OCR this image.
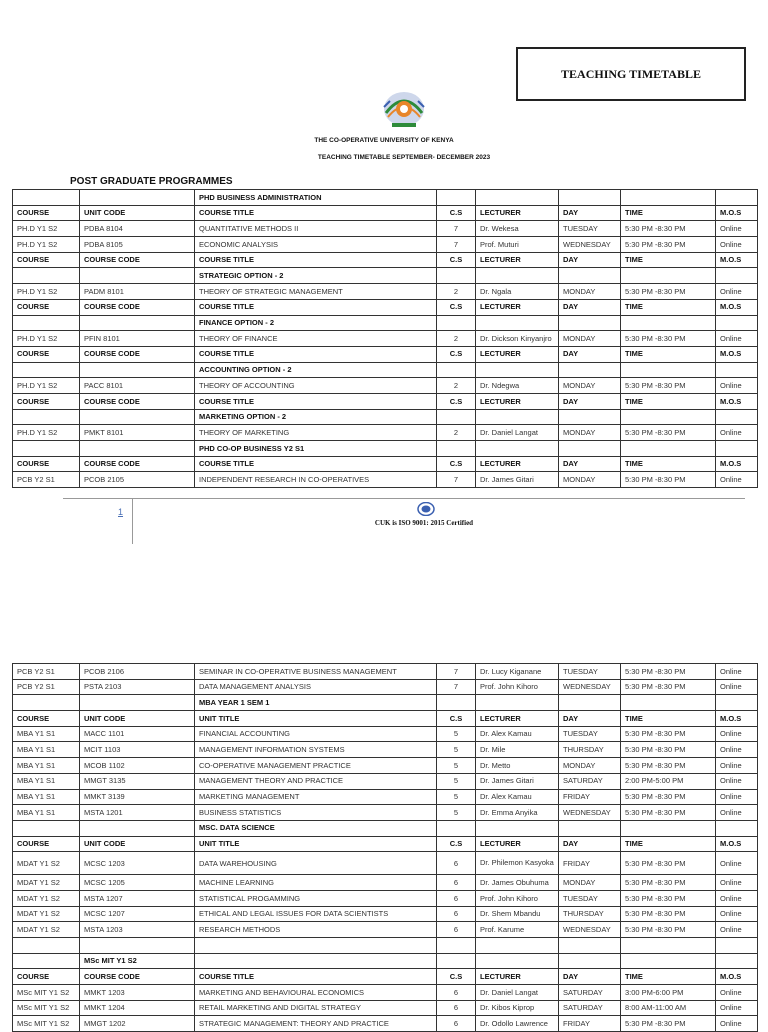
TEACHING TIMETABLE
THE CO-OPERATIVE UNIVERSITY OF KENYA
TEACHING TIMETABLE SEPTEMBER- DECEMBER 2023
POST GRADUATE PROGRAMMES
		PHD BUSINESS ADMINISTRATION					
COURSE	UNIT CODE	COURSE TITLE	C.S	LECTURER	DAY	TIME	M.O.S
PH.D Y1 S2	PDBA 8104	QUANTITATIVE METHODS II	7	Dr. Wekesa	TUESDAY	5:30 PM -8:30 PM	Online
PH.D Y1 S2	PDBA 8105	ECONOMIC ANALYSIS	7	Prof. Muturi	WEDNESDAY	5:30 PM -8:30 PM	Online
COURSE	COURSE CODE	COURSE TITLE	C.S	LECTURER	DAY	TIME	M.O.S
		STRATEGIC OPTION - 2					
PH.D Y1 S2	PADM 8101	THEORY OF STRATEGIC MANAGEMENT	2	Dr. Ngala	MONDAY	5:30 PM -8:30 PM	Online
COURSE	COURSE CODE	COURSE TITLE	C.S	LECTURER	DAY	TIME	M.O.S
		FINANCE OPTION - 2					
PH.D Y1 S2	PFIN 8101	THEORY OF FINANCE	2	Dr. Dickson Kinyanjro	MONDAY	5:30 PM -8:30 PM	Online
COURSE	COURSE CODE	COURSE TITLE	C.S	LECTURER	DAY	TIME	M.O.S
		ACCOUNTING OPTION - 2					
PH.D Y1 S2	PACC 8101	THEORY OF ACCOUNTING	2	Dr. Ndegwa	MONDAY	5:30 PM -8:30 PM	Online
COURSE	COURSE CODE	COURSE TITLE	C.S	LECTURER	DAY	TIME	M.O.S
		MARKETING OPTION - 2					
PH.D Y1 S2	PMKT 8101	THEORY OF MARKETING	2	Dr. Daniel Langat	MONDAY	5:30 PM -8:30 PM	Online
		PHD CO-OP BUSINESS Y2 S1					
COURSE	COURSE CODE	COURSE TITLE	C.S	LECTURER	DAY	TIME	M.O.S
PCB Y2 S1	PCOB 2105	INDEPENDENT RESEARCH IN CO-OPERATIVES	7	Dr. James Gitari	MONDAY	5:30 PM -8:30 PM	Online
1
CUK is ISO 9001: 2015 Certified
PCB Y2 S1	PCOB 2106	SEMINAR IN CO-OPERATIVE BUSINESS MANAGEMENT	7	Dr. Lucy Kiganane	TUESDAY	5:30 PM -8:30 PM	Online
PCB Y2 S1	PSTA 2103	DATA MANAGEMENT ANALYSIS	7	Prof. John Kihoro	WEDNESDAY	5:30 PM -8:30 PM	Online
		MBA YEAR 1 SEM 1					
COURSE	UNIT CODE	UNIT TITLE	C.S	LECTURER	DAY	TIME	M.O.S
MBA Y1 S1	MACC 1101	FINANCIAL ACCOUNTING	5	Dr. Alex Kamau	TUESDAY	5:30 PM -8:30 PM	Online
MBA Y1 S1	MCIT 1103	MANAGEMENT INFORMATION SYSTEMS	5	Dr. Mile	THURSDAY	5:30 PM -8:30 PM	Online
MBA Y1 S1	MCOB 1102	CO-OPERATIVE MANAGEMENT PRACTICE	5	Dr. Metto	MONDAY	5:30 PM -8:30 PM	Online
MBA Y1 S1	MMGT 3135	MANAGEMENT THEORY AND PRACTICE	5	Dr. James Gitari	SATURDAY	2:00 PM-5:00 PM	Online
MBA Y1 S1	MMKT 3139	MARKETING MANAGEMENT	5	Dr. Alex Kamau	FRIDAY	5:30 PM -8:30 PM	Online
MBA Y1 S1	MSTA 1201	BUSINESS STATISTICS	5	Dr. Emma Anyika	WEDNESDAY	5:30 PM -8:30 PM	Online
		MSC. DATA SCIENCE					
COURSE	UNIT CODE	UNIT TITLE	C.S	LECTURER	DAY	TIME	M.O.S
MDAT Y1 S2	MCSC 1203	DATA WAREHOUSING	6	Dr. Philemon Kasyoka	FRIDAY	5:30 PM -8:30 PM	Online
MDAT Y1 S2	MCSC 1205	MACHINE LEARNING	6	Dr. James Obuhuma	MONDAY	5:30 PM -8:30 PM	Online
MDAT Y1 S2	MSTA 1207	STATISTICAL PROGAMMING	6	Prof. John Kihoro	TUESDAY	5:30 PM -8:30 PM	Online
MDAT Y1 S2	MCSC 1207	ETHICAL AND LEGAL ISSUES FOR DATA SCIENTISTS	6	Dr. Shem Mbandu	THURSDAY	5:30 PM -8:30 PM	Online
MDAT Y1 S2	MSTA 1203	RESEARCH METHODS	6	Prof. Karume	WEDNESDAY	5:30 PM -8:30 PM	Online

	MSc MIT Y1 S2						
COURSE	COURSE CODE	COURSE TITLE	C.S	LECTURER	DAY	TIME	M.O.S
MSc MIT Y1 S2	MMKT 1203	MARKETING AND BEHAVIOURAL ECONOMICS	6	Dr. Daniel Langat	SATURDAY	3:00 PM-6:00 PM	Online
MSc MIT Y1 S2	MMKT 1204	RETAIL MARKETING AND DIGITAL STRATEGY	6	Dr. Kibos Kiprop	SATURDAY	8:00 AM-11:00 AM	Online
MSc MIT Y1 S2	MMGT 1202	STRATEGIC MANAGEMENT: THEORY AND PRACTICE	6	Dr. Odollo Lawrence	FRIDAY	5:30 PM -8:30 PM	Online
